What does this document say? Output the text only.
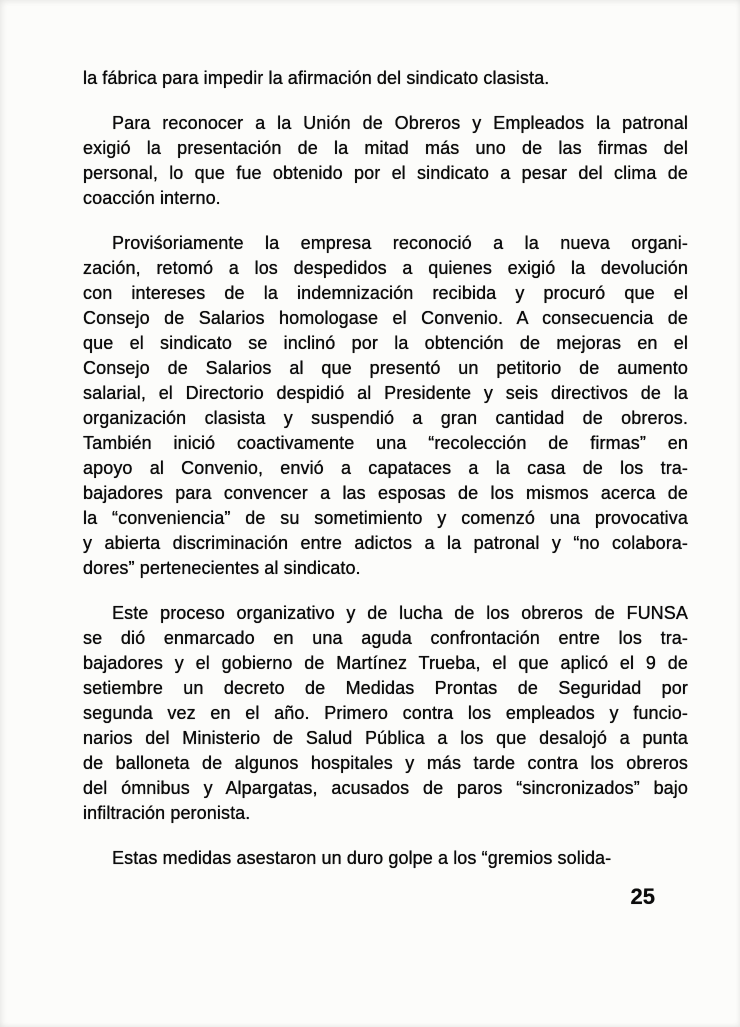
la fábrica para impedir la afirmación del sindicato clasista.

Para reconocer a la Unión de Obreros y Empleados la patronal
exigió la presentación de la mitad más uno de las firmas del
personal, lo que fue obtenido por el sindicato a pesar del clima de
coacción interno.

Proviśoriamente la empresa reconoció a la nueva organi-
zación, retomó a los despedidos a quienes exigió la devolución
con intereses de la indemnización recibida y procuró que el
Consejo de Salarios homologase el Convenio. A consecuencia de
que el sindicato se inclinó por la obtención de mejoras en el
Consejo de Salarios al que presentó un petitorio de aumento
salarial, el Directorio despidió al Presidente y seis directivos de la
organización clasista y suspendió a gran cantidad de obreros.
También inició coactivamente una “recolección de firmas” en
apoyo al Convenio, envió a capataces a la casa de los tra-
bajadores para convencer a las esposas de los mismos acerca de
la “conveniencia” de su sometimiento y comenzó una provocativa
y abierta discriminación entre adictos a la patronal y “no colabora-
dores” pertenecientes al sindicato.

Este proceso organizativo y de lucha de los obreros de FUNSA
se dió enmarcado en una aguda confrontación entre los tra-
bajadores y el gobierno de Martínez Trueba, el que aplicó el 9 de
setiembre un decreto de Medidas Prontas de Seguridad por
segunda vez en el año. Primero contra los empleados y funcio-
narios del Ministerio de Salud Pública a los que desalojó a punta
de balloneta de algunos hospitales y más tarde contra los obreros
del ómnibus y Alpargatas, acusados de paros “sincronizados” bajo
infiltración peronista.

Estas medidas asestaron un duro golpe a los “gremios solida-

25
